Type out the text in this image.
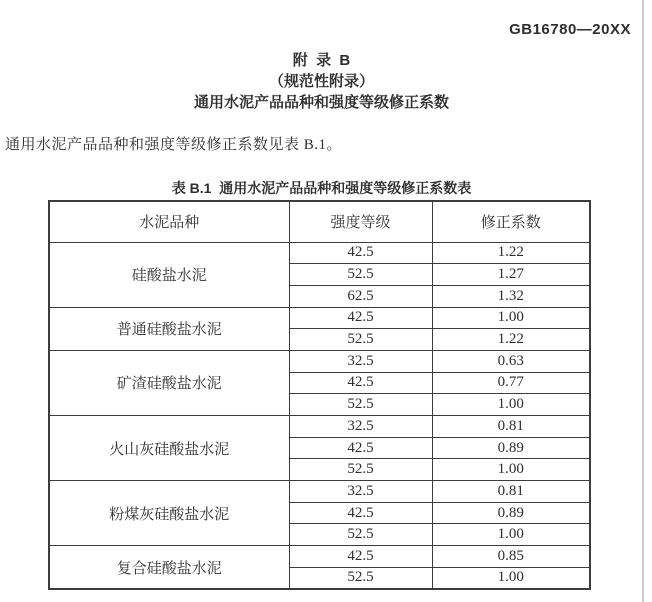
GB16780—20XX
附  录  B
（规范性附录）
通用水泥产品品种和强度等级修正系数
通用水泥产品品种和强度等级修正系数见表 B.1。
表 B.1  通用水泥产品品种和强度等级修正系数表
水泥品种	强度等级	修正系数
硅酸盐水泥	42.5	1.22
	52.5	1.27
	62.5	1.32
普通硅酸盐水泥	42.5	1.00
	52.5	1.22
矿渣硅酸盐水泥	32.5	0.63
	42.5	0.77
	52.5	1.00
火山灰硅酸盐水泥	32.5	0.81
	42.5	0.89
	52.5	1.00
粉煤灰硅酸盐水泥	32.5	0.81
	42.5	0.89
	52.5	1.00
复合硅酸盐水泥	42.5	0.85
	52.5	1.00
